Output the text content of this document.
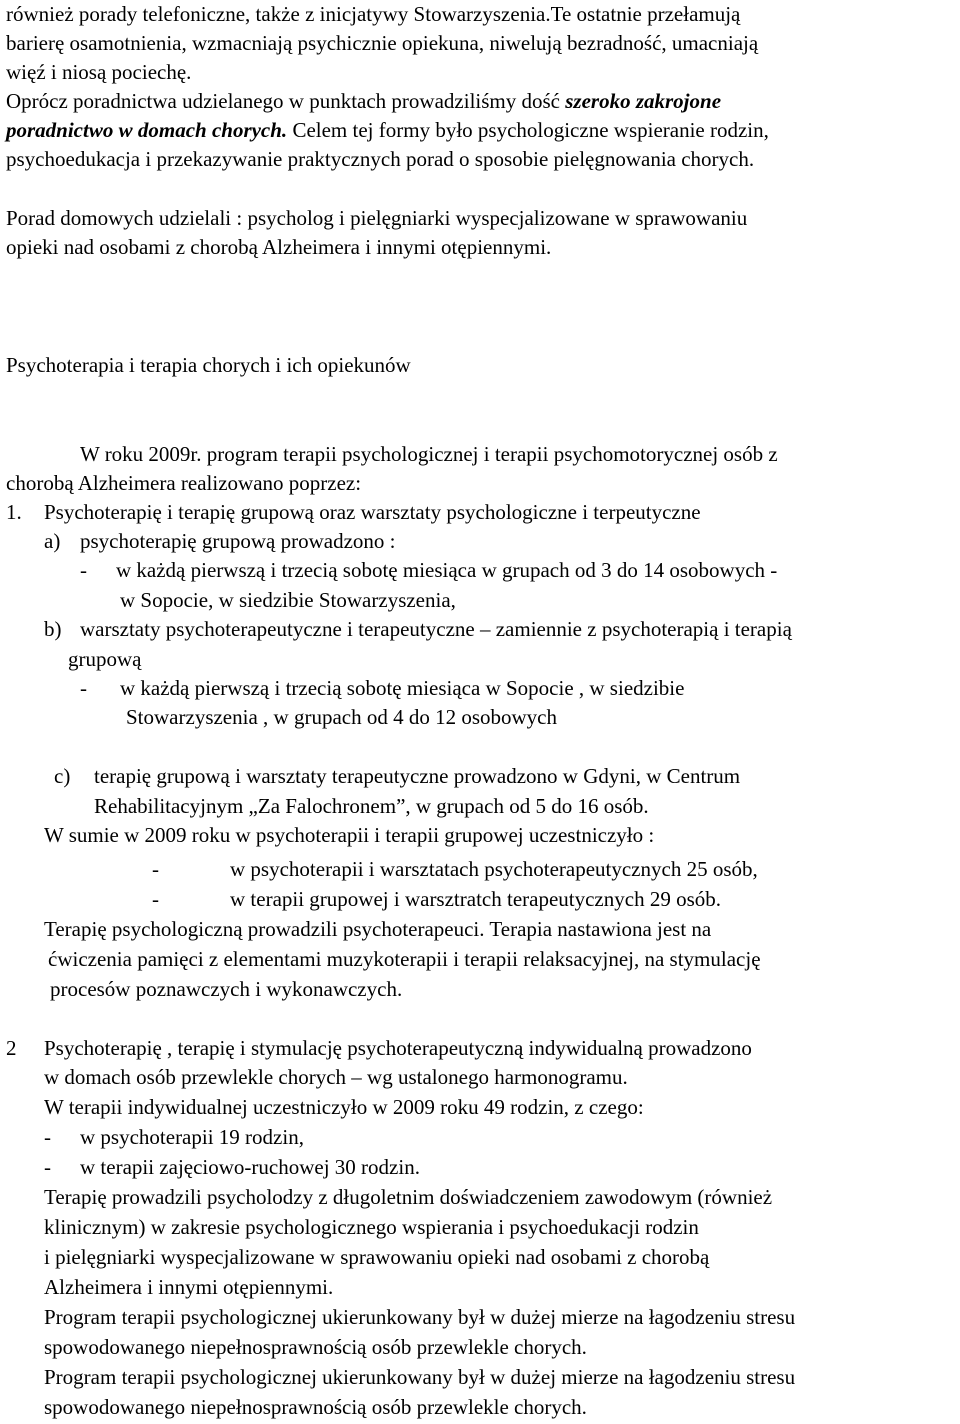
również porady telefoniczne, także z inicjatywy Stowarzyszenia.Te ostatnie przełamują
barierę osamotnienia, wzmacniają psychicznie opiekuna, niwelują bezradność, umacniają
więź i niosą pociechę.
Oprócz poradnictwa udzielanego w punktach prowadziliśmy dość szeroko zakrojone
poradnictwo w domach chorych. Celem tej formy było psychologiczne wspieranie rodzin,
psychoedukacja i przekazywanie praktycznych porad o sposobie pielęgnowania chorych.
Porad domowych udzielali : psycholog i pielęgniarki wyspecjalizowane w sprawowaniu
opieki nad osobami z chorobą Alzheimera i innymi otępiennymi.
Psychoterapia i terapia chorych i ich opiekunów
W roku 2009r. program terapii psychologicznej i terapii psychomotorycznej osób z
chorobą Alzheimera realizowano poprzez:
1. Psychoterapię i terapię grupową oraz warsztaty psychologiczne i terpeutyczne
a) psychoterapię grupową prowadzono :
- w każdą pierwszą i trzecią sobotę miesiąca w grupach od 3 do 14 osobowych -
w Sopocie, w siedzibie Stowarzyszenia,
b) warsztaty psychoterapeutyczne i terapeutyczne – zamiennie z psychoterapią i terapią
grupową
- w każdą pierwszą i trzecią sobotę miesiąca w Sopocie , w siedzibie
Stowarzyszenia , w grupach od 4 do 12 osobowych
c) terapię grupową i warsztaty terapeutyczne prowadzono w Gdyni, w Centrum
Rehabilitacyjnym „Za Falochronem”, w grupach od 5 do 16 osób.
W sumie w 2009 roku w psychoterapii i terapii grupowej uczestniczyło :
-	w psychoterapii i warsztatach psychoterapeutycznych 25 osób,
-	w terapii grupowej i warsztratch terapeutycznych 29 osób.
Terapię psychologiczną prowadzili psychoterapeuci. Terapia nastawiona jest na
ćwiczenia pamięci z elementami muzykoterapii i terapii relaksacyjnej, na stymulację
procesów poznawczych i wykonawczych.
2 Psychoterapię , terapię i stymulację psychoterapeutyczną indywidualną prowadzono
w domach osób przewlekle chorych – wg ustalonego harmonogramu.
W terapii indywidualnej uczestniczyło w 2009 roku 49 rodzin, z czego:
- w psychoterapii 19 rodzin,
- w terapii zajęciowo-ruchowej 30 rodzin.
Terapię prowadzili psycholodzy z długoletnim doświadczeniem zawodowym (również
klinicznym) w zakresie psychologicznego wspierania i psychoedukacji rodzin
i pielęgniarki wyspecjalizowane w sprawowaniu opieki nad osobami z chorobą
Alzheimera i innymi otępiennymi.
Program terapii psychologicznej ukierunkowany był w dużej mierze na łagodzeniu stresu
spowodowanego niepełnosprawnością osób przewlekle chorych.
Program terapii psychologicznej ukierunkowany był w dużej mierze na łagodzeniu stresu
spowodowanego niepełnosprawnością osób przewlekle chorych.
